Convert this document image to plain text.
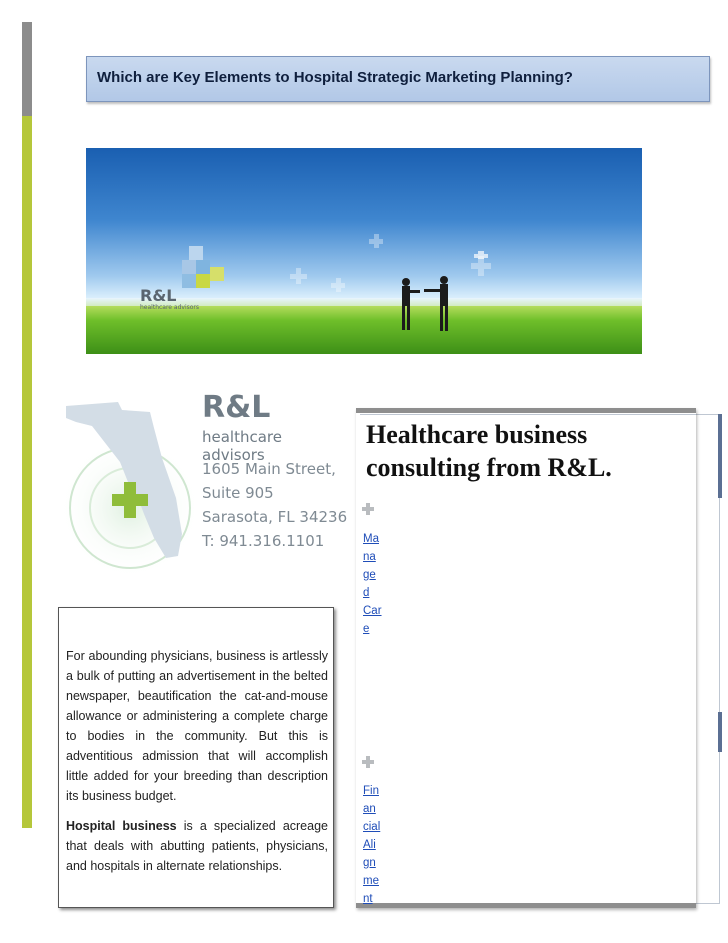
Which are Key Elements to Hospital Strategic Marketing Planning?
R&L
healthcare advisors
R&L
healthcare advisors
1605 Main Street,
Suite 905
Sarasota, FL 34236
T: 941.316.1101

For abounding physicians, business is artlessly a bulk of putting an advertisement in the belted newspaper, beautification the cat-and-mouse allowance or administering a complete charge to bodies in the community. But this is adventitious admission that will accomplish little added for your breeding than description its business budget.

Hospital business is a specialized acreage that deals with abutting patients, physicians, and hospitals in alternate relationships.

Healthcare business consulting from R&L.
Ma
na
ge
d
Car
e
Fin
an
cial
Ali
gn
me
nt
